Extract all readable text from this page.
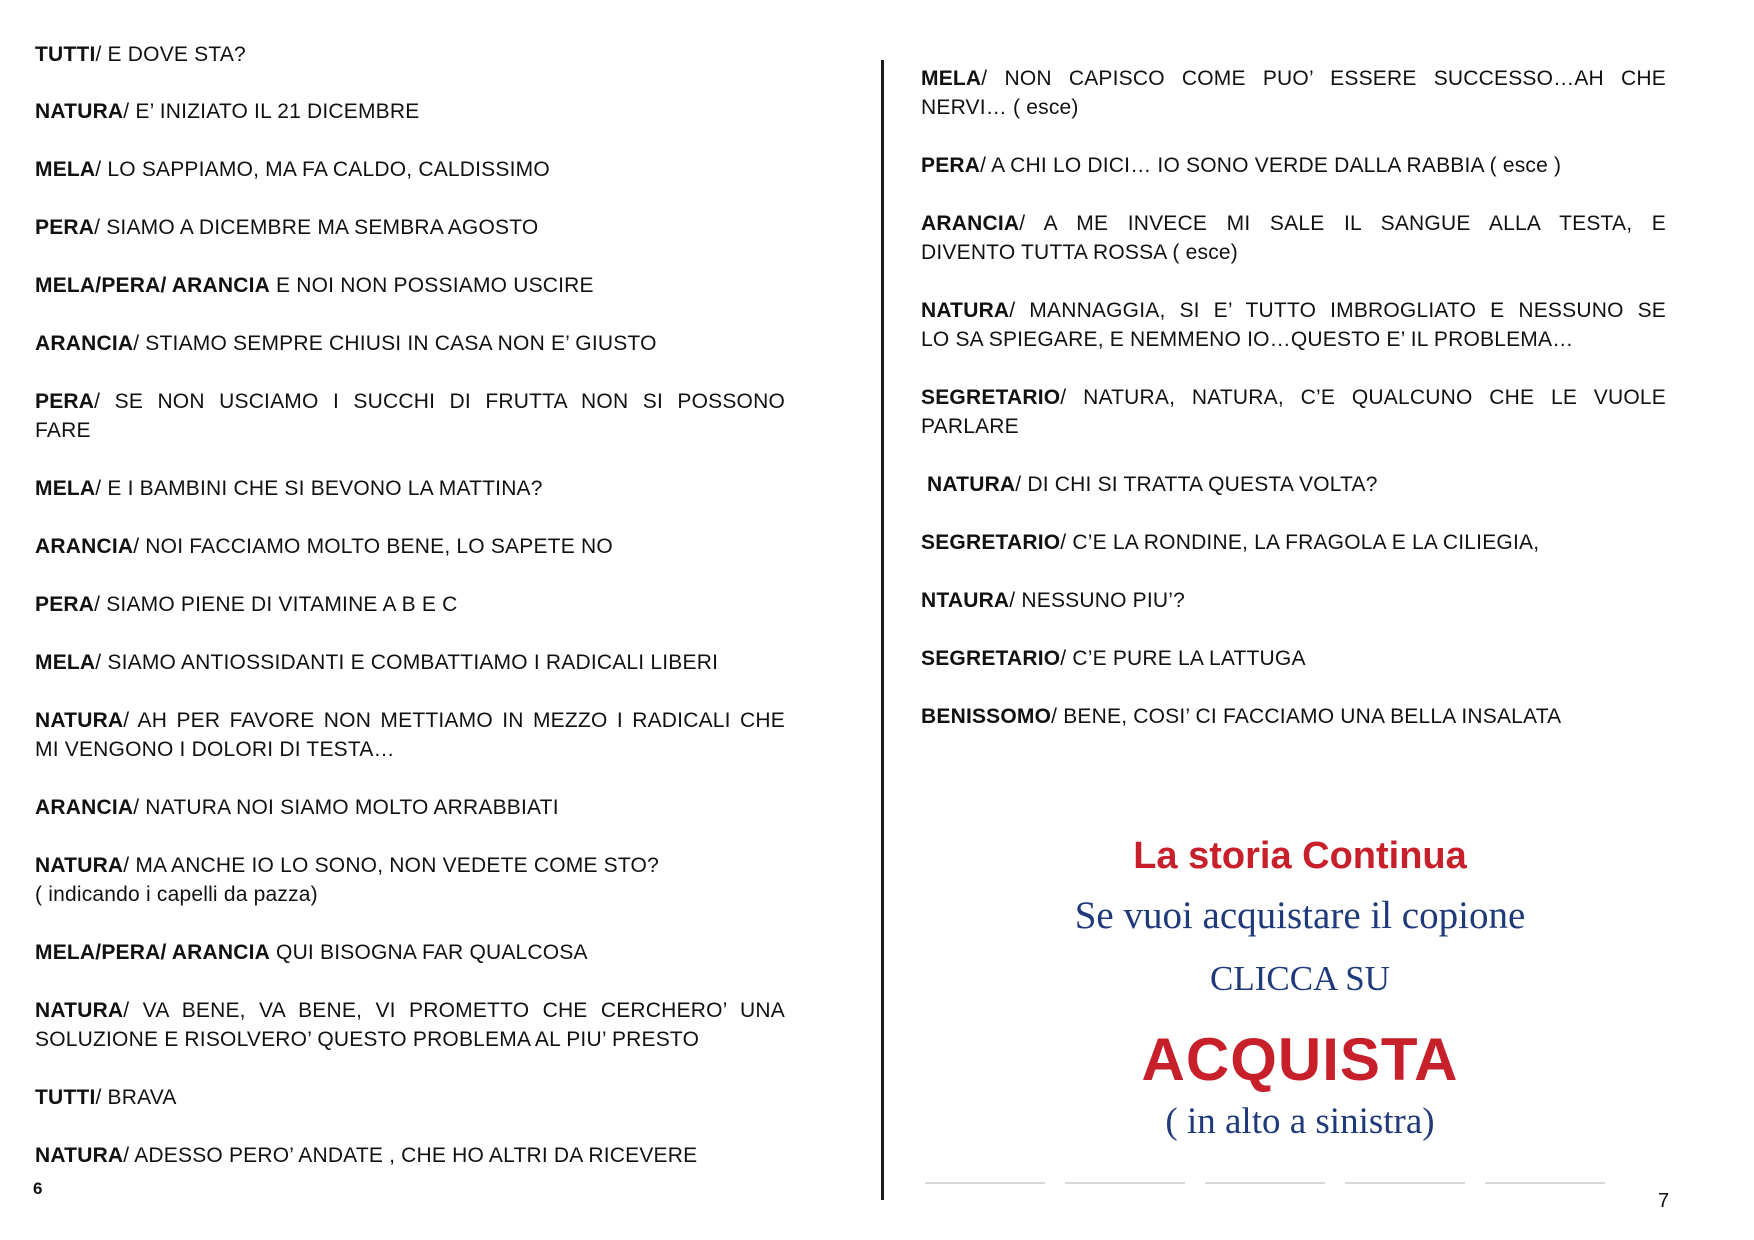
TUTTI/ E DOVE STA?
NATURA/ E’ INIZIATO IL 21 DICEMBRE
MELA/ LO SAPPIAMO, MA FA CALDO, CALDISSIMO
PERA/ SIAMO A DICEMBRE MA SEMBRA AGOSTO
MELA/PERA/ ARANCIA E NOI NON POSSIAMO USCIRE
ARANCIA/ STIAMO SEMPRE CHIUSI IN CASA NON E’ GIUSTO
PERA/ SE NON USCIAMO I SUCCHI DI FRUTTA NON SI POSSONO
FARE
MELA/ E I BAMBINI CHE SI BEVONO LA MATTINA?
ARANCIA/ NOI FACCIAMO MOLTO BENE, LO SAPETE NO
PERA/ SIAMO PIENE DI VITAMINE A B E C
MELA/ SIAMO ANTIOSSIDANTI E COMBATTIAMO I RADICALI LIBERI
NATURA/ AH PER FAVORE NON METTIAMO IN MEZZO I RADICALI CHE
MI VENGONO I DOLORI DI TESTA…
ARANCIA/ NATURA NOI SIAMO MOLTO ARRABBIATI
NATURA/ MA ANCHE IO LO SONO, NON VEDETE COME STO?
( indicando i capelli da pazza)
MELA/PERA/ ARANCIA QUI BISOGNA FAR QUALCOSA
NATURA/ VA BENE, VA BENE, VI PROMETTO CHE CERCHERO’ UNA
SOLUZIONE E RISOLVERO’ QUESTO PROBLEMA AL PIU’ PRESTO
TUTTI/ BRAVA
NATURA/ ADESSO PERO’ ANDATE , CHE HO ALTRI DA RICEVERE
6
MELA/ NON CAPISCO COME PUO’ ESSERE SUCCESSO…AH CHE
NERVI… ( esce)
PERA/ A CHI LO DICI… IO SONO VERDE DALLA RABBIA ( esce )
ARANCIA/ A ME INVECE MI SALE IL SANGUE ALLA TESTA, E
DIVENTO TUTTA ROSSA ( esce)
NATURA/ MANNAGGIA, SI E’ TUTTO IMBROGLIATO E NESSUNO SE
LO SA SPIEGARE, E NEMMENO IO…QUESTO E’ IL PROBLEMA…
SEGRETARIO/ NATURA, NATURA, C’E QUALCUNO CHE LE VUOLE
PARLARE
NATURA/ DI CHI SI TRATTA QUESTA VOLTA?
SEGRETARIO/ C’E LA RONDINE, LA FRAGOLA E LA CILIEGIA,
NTAURA/ NESSUNO PIU’?
SEGRETARIO/ C’E PURE LA LATTUGA
BENISSOMO/ BENE, COSI’ CI FACCIAMO UNA BELLA INSALATA
La storia Continua
Se vuoi acquistare il copione
CLICCA SU
ACQUISTA
( in alto a sinistra)
7
